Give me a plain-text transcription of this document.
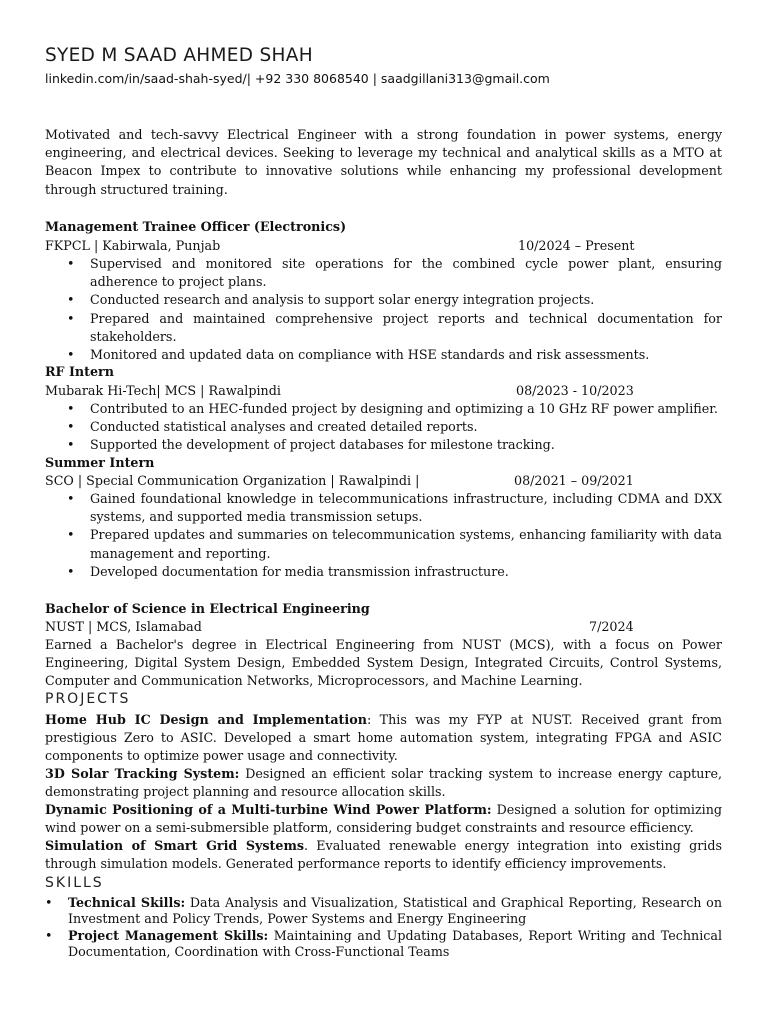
SYED M SAAD AHMED SHAH
linkedin.com/in/saad-shah-syed/| +92 330 8068540 | saadgillani313@gmail.com

Motivated and tech-savvy Electrical Engineer with a strong foundation in power systems, energy engineering, and electrical devices. Seeking to leverage my technical and analytical skills as a MTO at Beacon Impex to contribute to innovative solutions while enhancing my professional development through structured training.

Management Trainee Officer (Electronics)
FKPCL | Kabirwala, Punjab	10/2024 – Present
• Supervised and monitored site operations for the combined cycle power plant, ensuring adherence to project plans.
• Conducted research and analysis to support solar energy integration projects.
• Prepared and maintained comprehensive project reports and technical documentation for stakeholders.
• Monitored and updated data on compliance with HSE standards and risk assessments.
RF Intern
Mubarak Hi-Tech| MCS | Rawalpindi	08/2023 - 10/2023
• Contributed to an HEC-funded project by designing and optimizing a 10 GHz RF power amplifier.
• Conducted statistical analyses and created detailed reports.
• Supported the development of project databases for milestone tracking.
Summer Intern
SCO | Special Communication Organization | Rawalpindi |	08/2021 – 09/2021
• Gained foundational knowledge in telecommunications infrastructure, including CDMA and DXX systems, and supported media transmission setups.
• Prepared updates and summaries on telecommunication systems, enhancing familiarity with data management and reporting.
• Developed documentation for media transmission infrastructure.
Bachelor of Science in Electrical Engineering
NUST | MCS, Islamabad	7/2024

Earned a Bachelor's degree in Electrical Engineering from NUST (MCS), with a focus on Power Engineering, Digital System Design, Embedded System Design, Integrated Circuits, Control Systems, Computer and Communication Networks, Microprocessors, and Machine Learning.

PROJECTS

Home Hub IC Design and Implementation: This was my FYP at NUST. Received grant from prestigious Zero to ASIC. Developed a smart home automation system, integrating FPGA and ASIC components to optimize power usage and connectivity.

3D Solar Tracking System: Designed an efficient solar tracking system to increase energy capture, demonstrating project planning and resource allocation skills.

Dynamic Positioning of a Multi-turbine Wind Power Platform: Designed a solution for optimizing wind power on a semi-submersible platform, considering budget constraints and resource efficiency.

Simulation of Smart Grid Systems. Evaluated renewable energy integration into existing grids through simulation models. Generated performance reports to identify efficiency improvements.

SKILLS
• Technical Skills: Data Analysis and Visualization, Statistical and Graphical Reporting, Research on Investment and Policy Trends, Power Systems and Energy Engineering
• Project Management Skills: Maintaining and Updating Databases, Report Writing and Technical Documentation, Coordination with Cross-Functional Teams
